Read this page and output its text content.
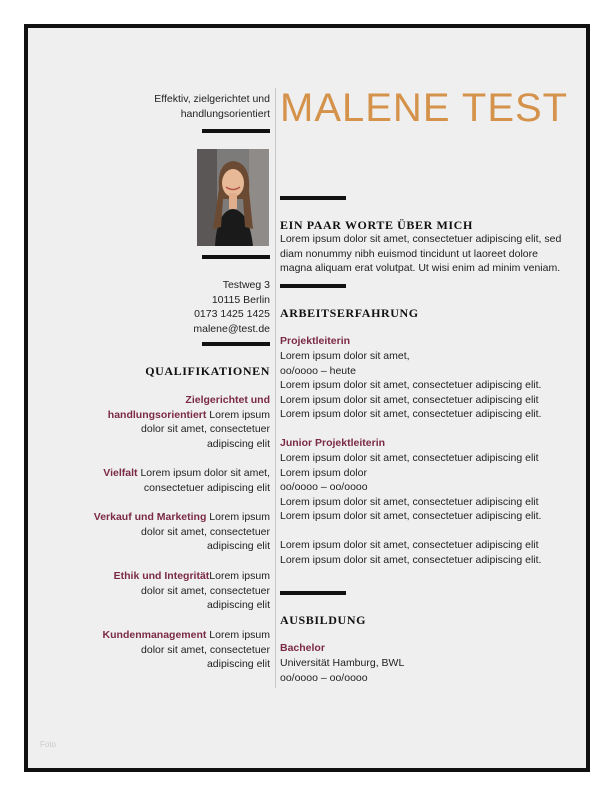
Effektiv, zielgerichtet und
handlungsorientiert MALENE TEST
Testweg 3
10115 Berlin
0173 1425 1425
malene@test.de
QUALIFIKATIONEN
Zielgerichtet und
handlungsorientiert Lorem ipsum
dolor sit amet, consectetuer
adipiscing elit
Vielfalt Lorem ipsum dolor sit amet,
consectetuer adipiscing elit
Verkauf und Marketing Lorem ipsum
dolor sit amet, consectetuer
adipiscing elit
Ethik und IntegritätLorem ipsum
dolor sit amet, consectetuer
adipiscing elit
Kundenmanagement Lorem ipsum
dolor sit amet, consectetuer
adipiscing elit
EIN PAAR WORTE ÜBER MICH
Lorem ipsum dolor sit amet, consectetuer adipiscing elit, sed
diam nonummy nibh euismod tincidunt ut laoreet dolore
magna aliquam erat volutpat. Ut wisi enim ad minim veniam.
ARBEITSERFAHRUNG
Projektleiterin
Lorem ipsum dolor sit amet,
oo/oooo – heute
Lorem ipsum dolor sit amet, consectetuer adipiscing elit.
Lorem ipsum dolor sit amet, consectetuer adipiscing elit
Lorem ipsum dolor sit amet, consectetuer adipiscing elit.
Junior Projektleiterin
Lorem ipsum dolor sit amet, consectetuer adipiscing elit
Lorem ipsum dolor
oo/oooo – oo/oooo
Lorem ipsum dolor sit amet, consectetuer adipiscing elit
Lorem ipsum dolor sit amet, consectetuer adipiscing elit.
Lorem ipsum dolor sit amet, consectetuer adipiscing elit
Lorem ipsum dolor sit amet, consectetuer adipiscing elit.
AUSBILDUNG
Bachelor
Universität Hamburg, BWL
oo/oooo – oo/oooo
Foto
